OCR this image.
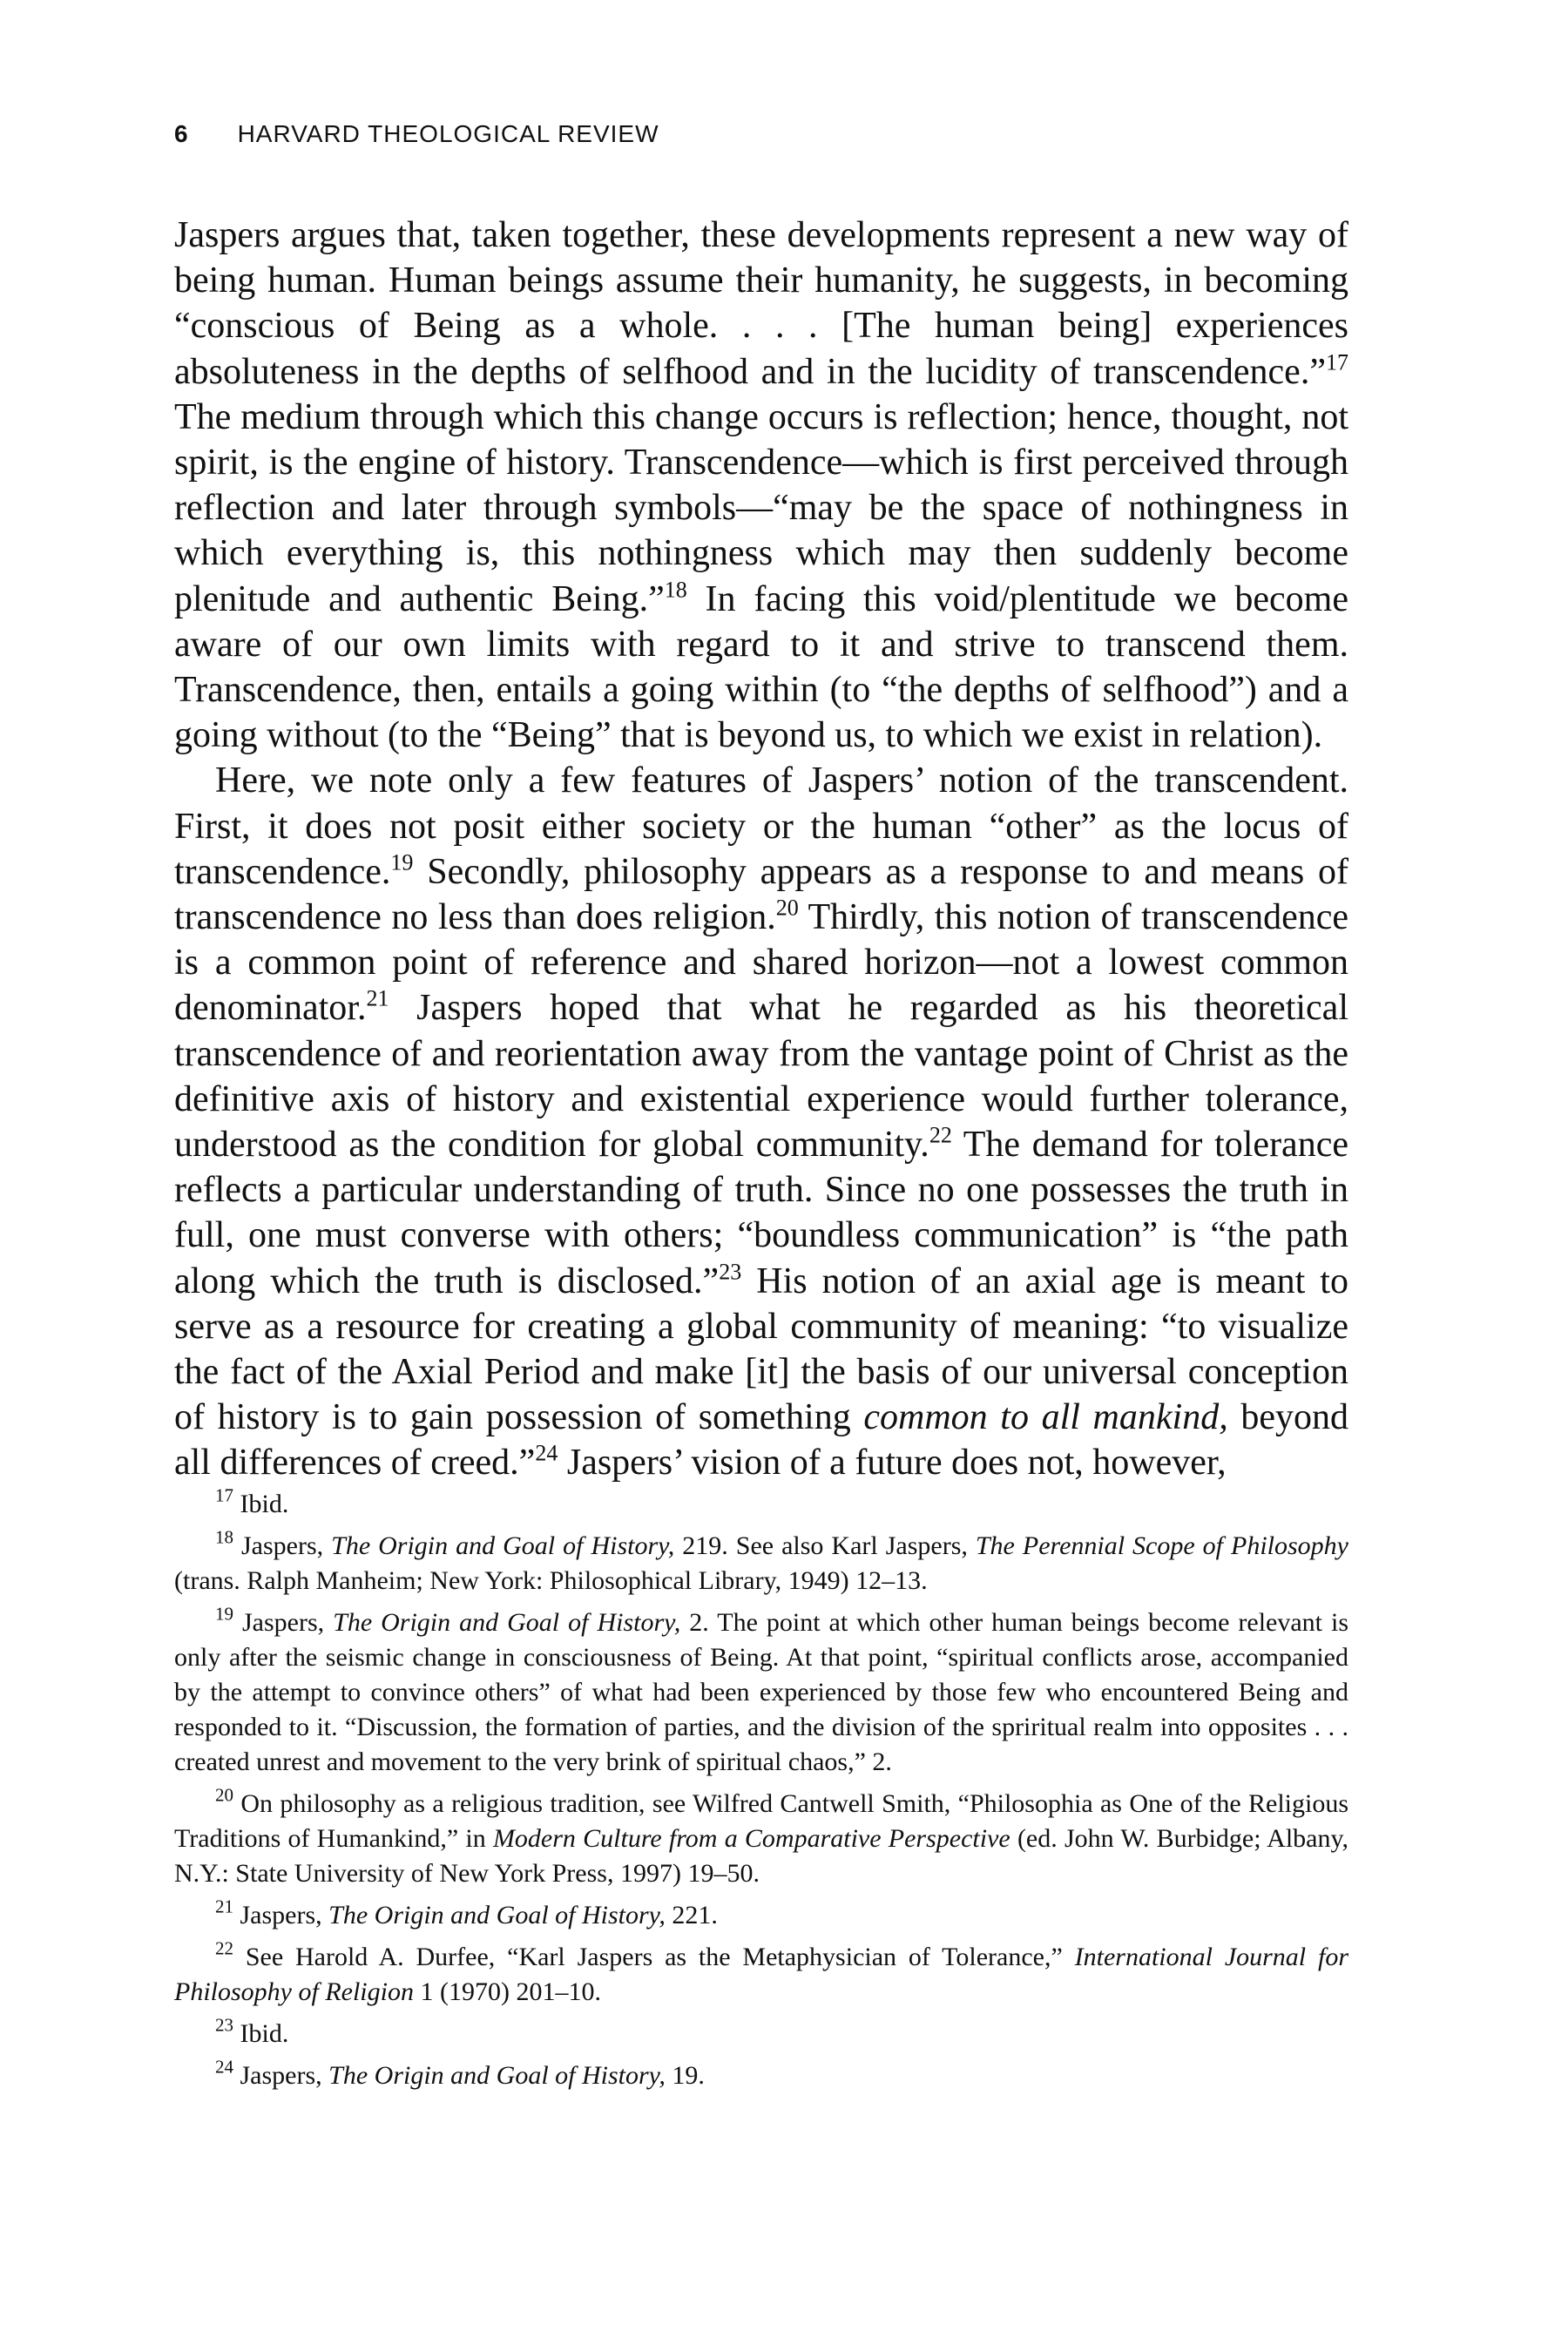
6 HARVARD THEOLOGICAL REVIEW

Jaspers argues that, taken together, these developments represent a new way of being human. Human beings assume their humanity, he suggests, in becoming “conscious of Being as a whole. . . . [The human being] experiences absoluteness in the depths of selfhood and in the lucidity of transcendence.”$^{17}$ The medium through which this change occurs is reflection; hence, thought, not spirit, is the engine of history. Transcendence—which is first perceived through reflection and later through symbols—“may be the space of nothingness in which everything is, this nothingness which may then suddenly become plenitude and authentic Being.”$^{18}$ In facing this void/plentitude we become aware of our own limits with regard to it and strive to transcend them. Transcendence, then, entails a going within (to “the depths of selfhood”) and a going without (to the “Being” that is beyond us, to which we exist in relation).

Here, we note only a few features of Jaspers’ notion of the transcendent. First, it does not posit either society or the human “other” as the locus of transcendence.$^{19}$ Secondly, philosophy appears as a response to and means of transcendence no less than does religion.$^{20}$ Thirdly, this notion of transcendence is a common point of reference and shared horizon—not a lowest common denominator.$^{21}$ Jaspers hoped that what he regarded as his theoretical transcendence of and reorientation away from the vantage point of Christ as the definitive axis of history and existential experience would further tolerance, understood as the condition for global community.$^{22}$ The demand for tolerance reflects a particular understanding of truth. Since no one possesses the truth in full, one must converse with others; “boundless communication” is “the path along which the truth is disclosed.”$^{23}$ His notion of an axial age is meant to serve as a resource for creating a global community of meaning: “to visualize the fact of the Axial Period and make [it] the basis of our universal conception of history is to gain possession of something common to all mankind, beyond all differences of creed.”$^{24}$ Jaspers’ vision of a future does not, however,

$^{17}$ Ibid.

$^{18}$ Jaspers, The Origin and Goal of History, 219. See also Karl Jaspers, The Perennial Scope of Philosophy (trans. Ralph Manheim; New York: Philosophical Library, 1949) 12–13.

$^{19}$ Jaspers, The Origin and Goal of History, 2. The point at which other human beings become relevant is only after the seismic change in consciousness of Being. At that point, “spiritual conflicts arose, accompanied by the attempt to convince others” of what had been experienced by those few who encountered Being and responded to it. “Discussion, the formation of parties, and the division of the spriritual realm into opposites . . . created unrest and movement to the very brink of spiritual chaos,” 2.

$^{20}$ On philosophy as a religious tradition, see Wilfred Cantwell Smith, “Philosophia as One of the Religious Traditions of Humankind,” in Modern Culture from a Comparative Perspective (ed. John W. Burbidge; Albany, N.Y.: State University of New York Press, 1997) 19–50.

$^{21}$ Jaspers, The Origin and Goal of History, 221.

$^{22}$ See Harold A. Durfee, “Karl Jaspers as the Metaphysician of Tolerance,” International Journal for Philosophy of Religion 1 (1970) 201–10.

$^{23}$ Ibid.

$^{24}$ Jaspers, The Origin and Goal of History, 19.
